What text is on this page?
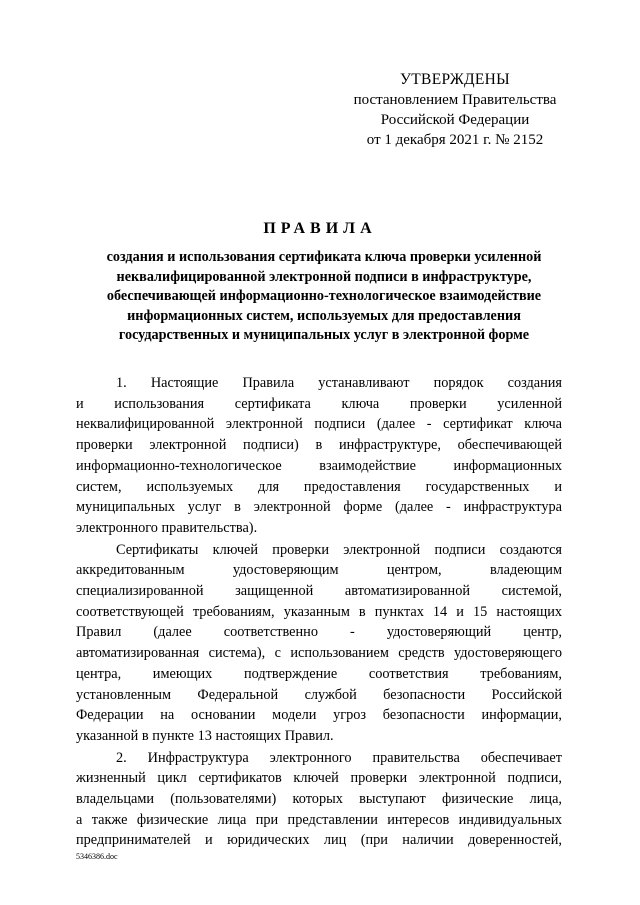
УТВЕРЖДЕНЫ
постановлением Правительства
Российской Федерации
от 1 декабря 2021 г. № 2152
ПРАВИЛА
создания и использования сертификата ключа проверки усиленной
неквалифицированной электронной подписи в инфраструктуре,
обеспечивающей информационно-технологическое взаимодействие
информационных систем, используемых для предоставления
государственных и муниципальных услуг в электронной форме
1. Настоящие Правила устанавливают порядок создания
и использования сертификата ключа проверки усиленной
неквалифицированной электронной подписи (далее - сертификат ключа
проверки электронной подписи) в инфраструктуре, обеспечивающей
информационно-технологическое взаимодействие информационных
систем, используемых для предоставления государственных и
муниципальных услуг в электронной форме (далее - инфраструктура
электронного правительства).
Сертификаты ключей проверки электронной подписи создаются
аккредитованным удостоверяющим центром, владеющим
специализированной защищенной автоматизированной системой,
соответствующей требованиям, указанным в пунктах 14 и 15 настоящих
Правил (далее соответственно - удостоверяющий центр,
автоматизированная система), с использованием средств удостоверяющего
центра, имеющих подтверждение соответствия требованиям,
установленным Федеральной службой безопасности Российской
Федерации на основании модели угроз безопасности информации,
указанной в пункте 13 настоящих Правил.
2. Инфраструктура электронного правительства обеспечивает
жизненный цикл сертификатов ключей проверки электронной подписи,
владельцами (пользователями) которых выступают физические лица,
а также физические лица при представлении интересов индивидуальных
предпринимателей и юридических лиц (при наличии доверенностей,
5346386.doc
